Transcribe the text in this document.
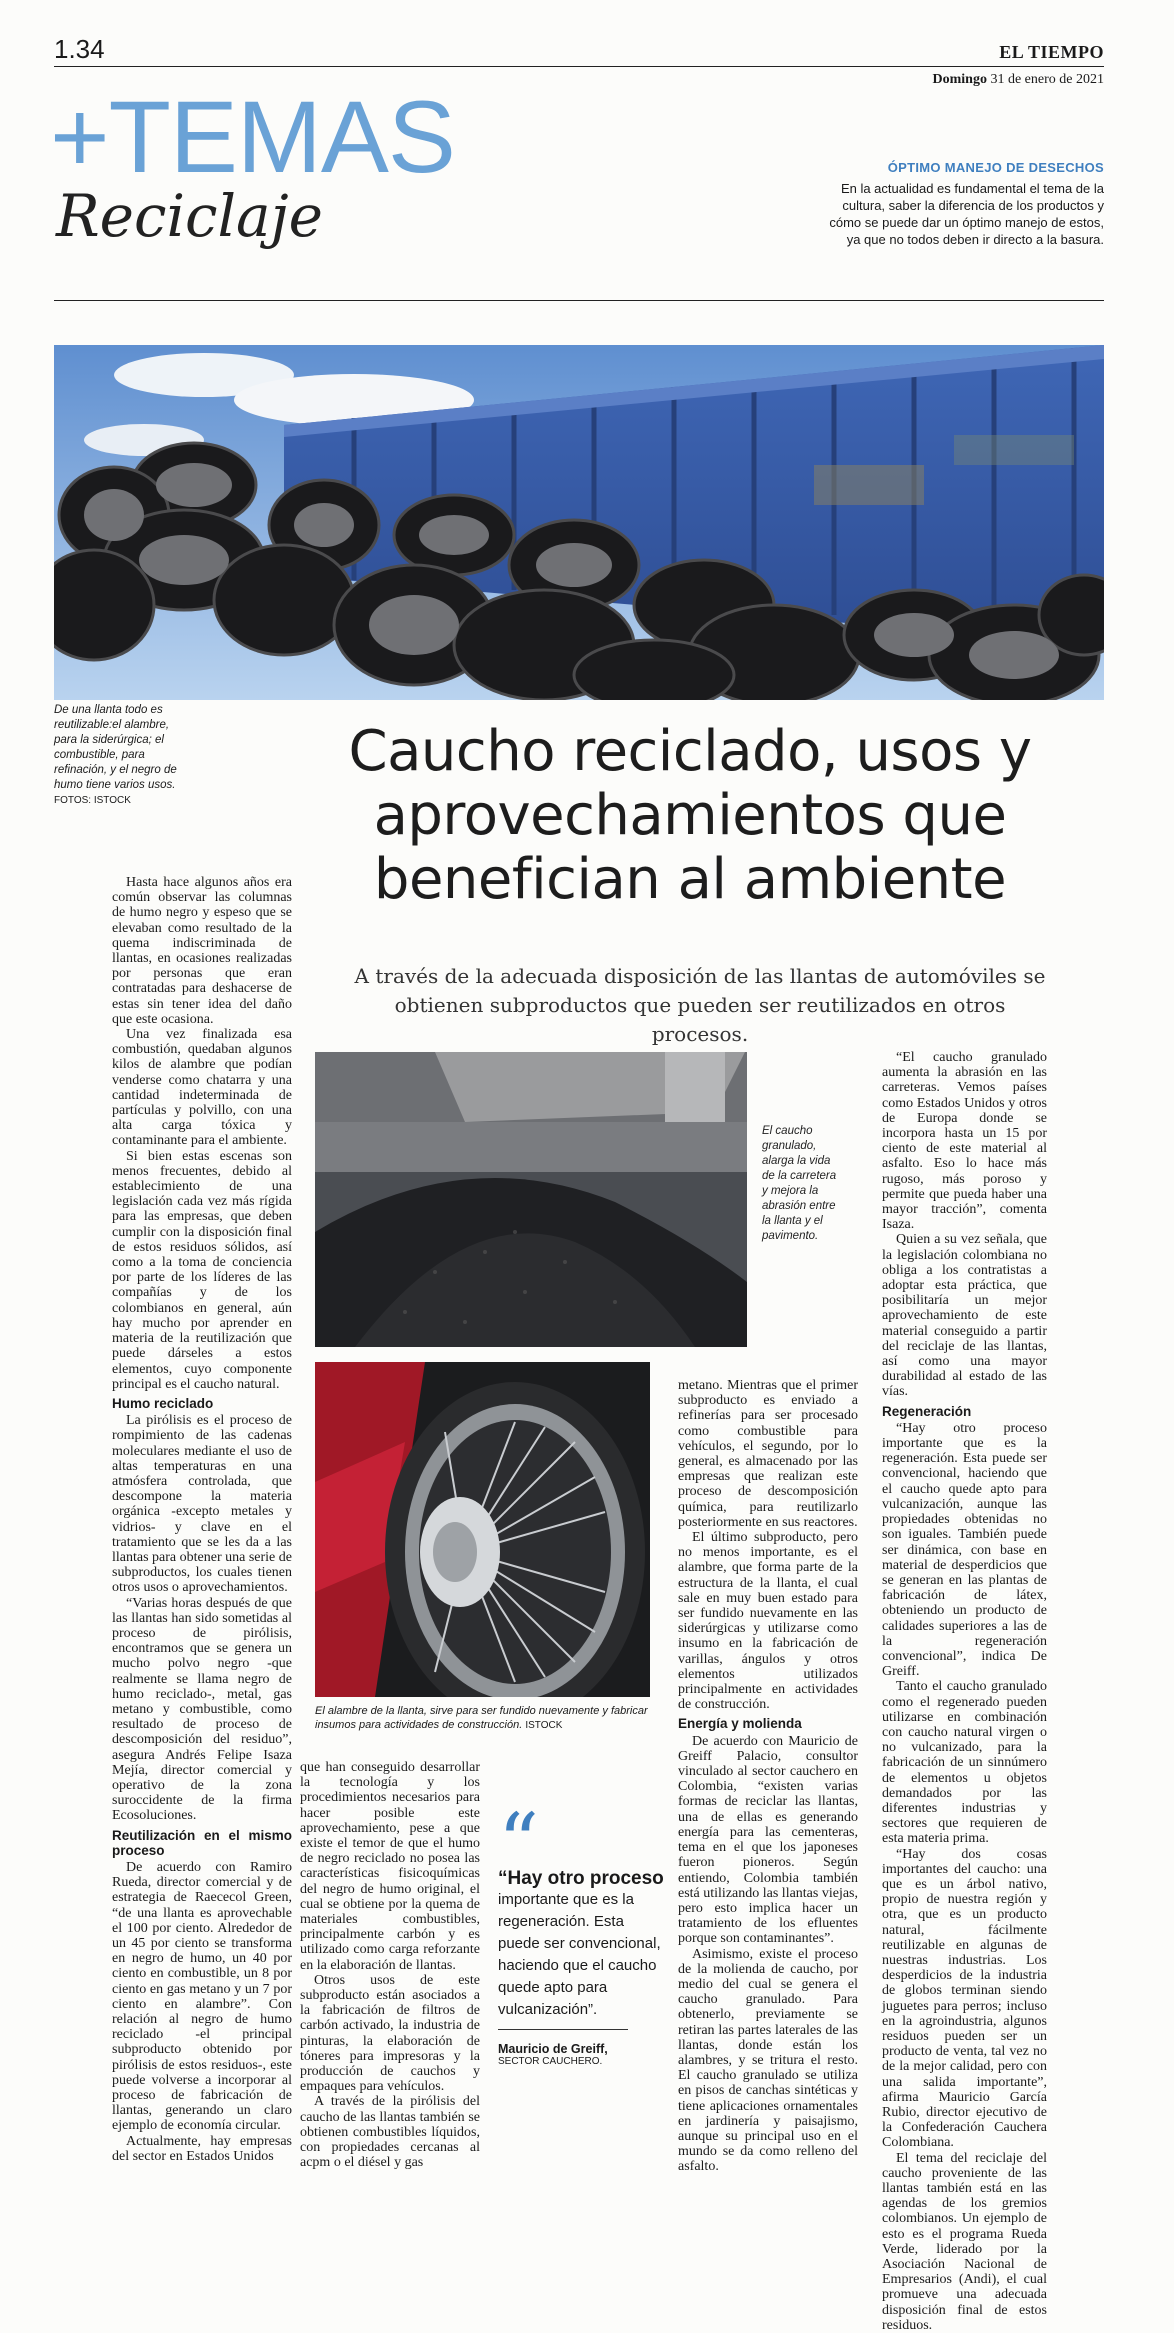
1.34	EL TIEMPO
Domingo 31 de enero de 2021
+TEMAS
Reciclaje
ÓPTIMO MANEJO DE DESECHOS
En la actualidad es fundamental el tema de la cultura, saber la diferencia de los productos y cómo se puede dar un óptimo manejo de estos, ya que no todos deben ir directo a la basura.
De una llanta todo es reutilizable:el alambre, para la siderúrgica; el combustible, para refinación, y el negro de humo tiene varios usos. FOTOS: ISTOCK
Caucho reciclado, usos y aprovechamientos que benefician al ambiente
A través de la adecuada disposición de las llantas de automóviles se obtienen subproductos que pueden ser reutilizados en otros procesos.

Hasta hace algunos años era común observar las columnas de humo negro y espeso que se elevaban como resultado de la quema indiscriminada de llantas, en ocasiones realizadas por personas que eran contratadas para deshacerse de estas sin tener idea del daño que este ocasiona.

Una vez finalizada esa combustión, quedaban algunos kilos de alambre que podían venderse como chatarra y una cantidad indeterminada de partículas y polvillo, con una alta carga tóxica y contaminante para el ambiente.

Si bien estas escenas son menos frecuentes, debido al establecimiento de una legislación cada vez más rígida para las empresas, que deben cumplir con la disposición final de estos residuos sólidos, así como a la toma de conciencia por parte de los líderes de las compañías y de los colombianos en general, aún hay mucho por aprender en materia de la reutilización que puede dárseles a estos elementos, cuyo componente principal es el caucho natural.

Humo reciclado

La pirólisis es el proceso de rompimiento de las cadenas moleculares mediante el uso de altas temperaturas en una atmósfera controlada, que descompone la materia orgánica -excepto metales y vidrios- y clave en el tratamiento que se les da a las llantas para obtener una serie de subproductos, los cuales tienen otros usos o aprovechamientos.

“Varias horas después de que las llantas han sido sometidas al proceso de pirólisis, encontramos que se genera un mucho polvo negro -que realmente se llama negro de humo reciclado-, metal, gas metano y combustible, como resultado de proceso de descomposición del residuo”, asegura Andrés Felipe Isaza Mejía, director comercial y operativo de la zona suroccidente de la firma Ecosoluciones.

Reutilización en el mismo proceso

De acuerdo con Ramiro Rueda, director comercial y de estrategia de Raececol Green, “de una llanta es aprovechable el 100 por ciento. Alrededor de un 45 por ciento se transforma en negro de humo, un 40 por ciento en combustible, un 8 por ciento en gas metano y un 7 por ciento en alambre”. Con relación al negro de humo reciclado -el principal subproducto obtenido por pirólisis de estos residuos-, este puede volverse a incorporar al proceso de fabricación de llantas, generando un claro ejemplo de economía circular.

Actualmente, hay empresas del sector en Estados Unidos

El caucho granulado, alarga la vida de la carretera y mejora la abrasión entre la llanta y el pavimento.
El alambre de la llanta, sirve para ser fundido nuevamente y fabricar insumos para actividades de construcción. ISTOCK

que han conseguido desarrollar la tecnología y los procedimientos necesarios para hacer posible este aprovechamiento, pese a que existe el temor de que el humo de negro reciclado no posea las características fisicoquímicas del negro de humo original, el cual se obtiene por la quema de materiales combustibles, principalmente carbón y es utilizado como carga reforzante en la elaboración de llantas.

Otros usos de este subproducto están asociados a la fabricación de filtros de carbón activado, la industria de pinturas, la elaboración de tóneres para impresoras y la producción de cauchos y empaques para vehículos.

A través de la pirólisis del caucho de las llantas también se obtienen combustibles líquidos, con propiedades cercanas al acpm o el diésel y gas

“
“Hay otro proceso
importante que es la regeneración. Esta puede ser convencional, haciendo que el caucho quede apto para vulcanización”.
Mauricio de Greiff,
SECTOR CAUCHERO.

metano. Mientras que el primer subproducto es enviado a refinerías para ser procesado como combustible para vehículos, el segundo, por lo general, es almacenado por las empresas que realizan este proceso de descomposición química, para reutilizarlo posteriormente en sus reactores.

El último subproducto, pero no menos importante, es el alambre, que forma parte de la estructura de la llanta, el cual sale en muy buen estado para ser fundido nuevamente en las siderúrgicas y utilizarse como insumo en la fabricación de varillas, ángulos y otros elementos utilizados principalmente en actividades de construcción.

Energía y molienda

De acuerdo con Mauricio de Greiff Palacio, consultor vinculado al sector cauchero en Colombia, “existen varias formas de reciclar las llantas, una de ellas es generando energía para las cementeras, tema en el que los japoneses fueron pioneros. Según entiendo, Colombia también está utilizando las llantas viejas, pero esto implica hacer un tratamiento de los efluentes porque son contaminantes”.

Asimismo, existe el proceso de la molienda de caucho, por medio del cual se genera el caucho granulado. Para obtenerlo, previamente se retiran las partes laterales de las llantas, donde están los alambres, y se tritura el resto. El caucho granulado se utiliza en pisos de canchas sintéticas y tiene aplicaciones ornamentales en jardinería y paisajismo, aunque su principal uso en el mundo se da como relleno del asfalto.

“El caucho granulado aumenta la abrasión en las carreteras. Vemos países como Estados Unidos y otros de Europa donde se incorpora hasta un 15 por ciento de este material al asfalto. Eso lo hace más rugoso, más poroso y permite que pueda haber una mayor tracción”, comenta Isaza.

Quien a su vez señala, que la legislación colombiana no obliga a los contratistas a adoptar esta práctica, que posibilitaría un mejor aprovechamiento de este material conseguido a partir del reciclaje de las llantas, así como una mayor durabilidad al estado de las vías.

Regeneración

“Hay otro proceso importante que es la regeneración. Esta puede ser convencional, haciendo que el caucho quede apto para vulcanización, aunque las propiedades obtenidas no son iguales. También puede ser dinámica, con base en material de desperdicios que se generan en las plantas de fabricación de látex, obteniendo un producto de calidades superiores a las de la regeneración convencional”, indica De Greiff.

Tanto el caucho granulado como el regenerado pueden utilizarse en combinación con caucho natural virgen o no vulcanizado, para la fabricación de un sinnúmero de elementos u objetos demandados por las diferentes industrias y sectores que requieren de esta materia prima.

“Hay dos cosas importantes del caucho: una que es un árbol nativo, propio de nuestra región y otra, que es un producto natural, fácilmente reutilizable en algunas de nuestras industrias. Los desperdicios de la industria de globos terminan siendo juguetes para perros; incluso en la agroindustria, algunos residuos pueden ser un producto de venta, tal vez no de la mejor calidad, pero con una salida importante”, afirma Mauricio García Rubio, director ejecutivo de la Confederación Cauchera Colombiana.

El tema del reciclaje del caucho proveniente de las llantas también está en las agendas de los gremios colombianos. Un ejemplo de esto es el programa Rueda Verde, liderado por la Asociación Nacional de Empresarios (Andi), el cual promueve una adecuada disposición final de estos residuos.
